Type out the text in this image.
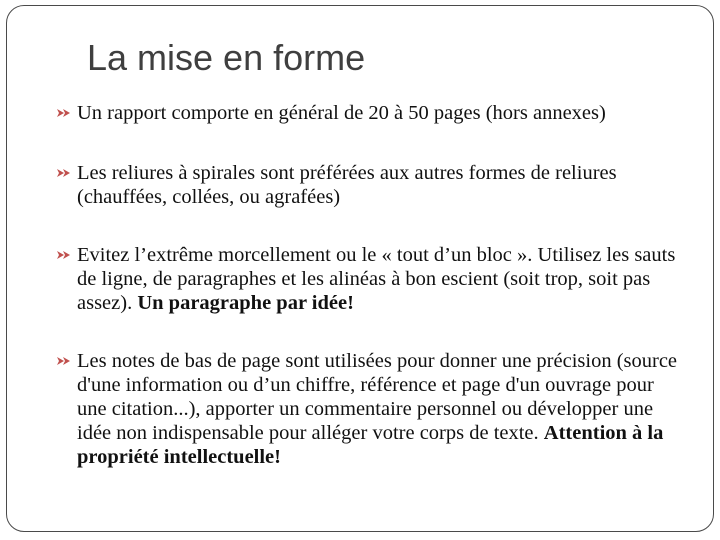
La mise en forme
Un rapport comporte en général de 20 à 50 pages (hors annexes)
Les reliures à spirales sont préférées aux autres formes de reliures (chauffées, collées, ou agrafées)
Evitez l’extrême morcellement ou le « tout d’un bloc ». Utilisez les sauts de ligne, de paragraphes et les alinéas à bon escient (soit trop, soit pas assez). Un paragraphe par idée!
Les notes de bas de page sont utilisées pour donner une précision (source d'une information ou d’un chiffre, référence et page d'un ouvrage pour une citation...), apporter un commentaire personnel ou développer une idée non indispensable pour alléger votre corps de texte. Attention à la propriété intellectuelle!
